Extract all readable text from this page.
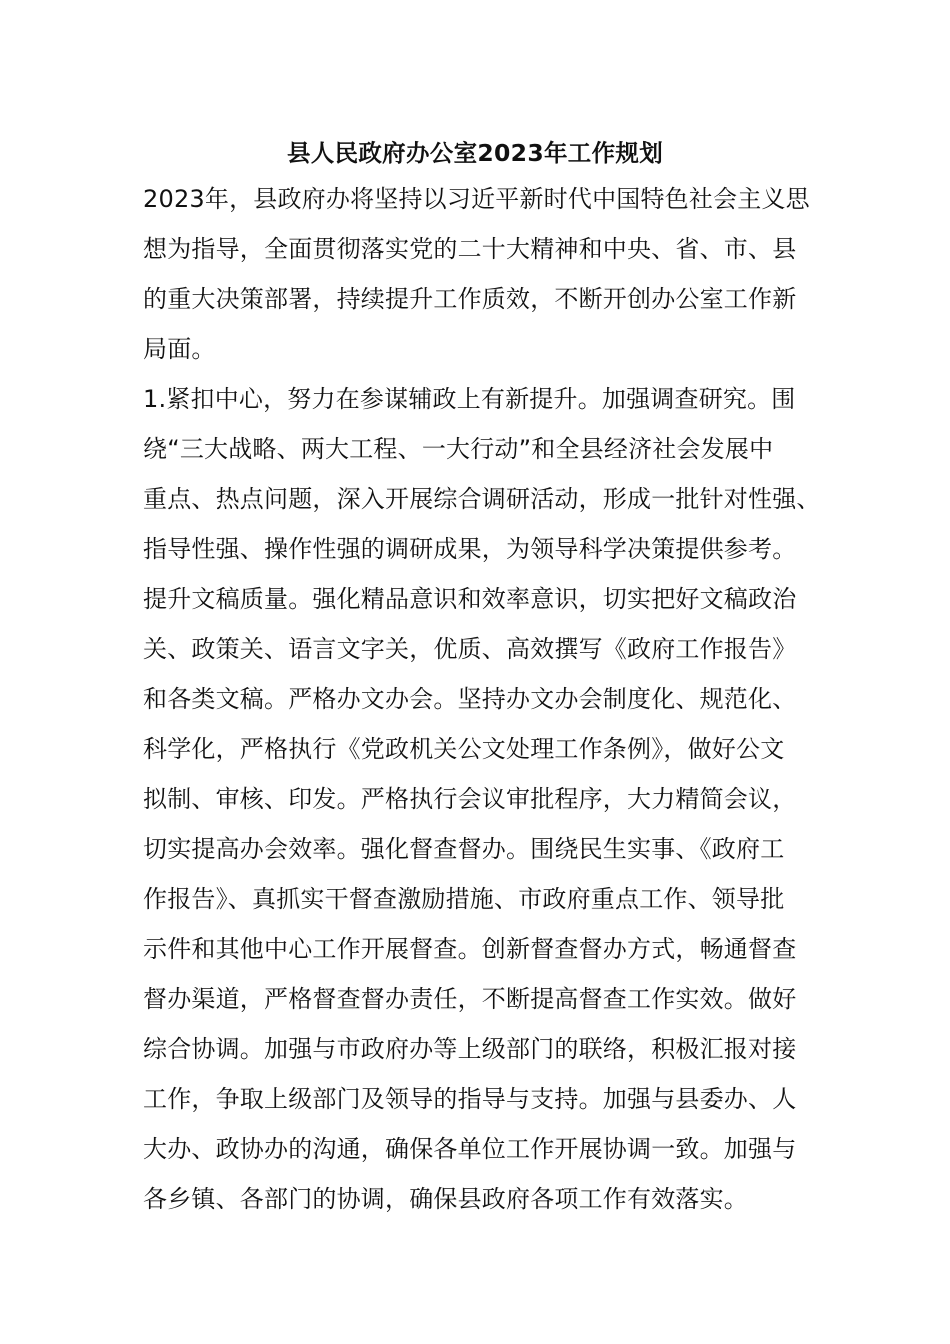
县人民政府办公室2023年工作规划
2023年，县政府办将坚持以习近平新时代中国特色社会主义思
想为指导，全面贯彻落实党的二十大精神和中央、省、市、县
的重大决策部署，持续提升工作质效，不断开创办公室工作新
局面。
1.紧扣中心，努力在参谋辅政上有新提升。加强调查研究。围
绕“三大战略、两大工程、一大行动”和全县经济社会发展中
重点、热点问题，深入开展综合调研活动，形成一批针对性强、
指导性强、操作性强的调研成果，为领导科学决策提供参考。
提升文稿质量。强化精品意识和效率意识，切实把好文稿政治
关、政策关、语言文字关，优质、高效撰写《政府工作报告》
和各类文稿。严格办文办会。坚持办文办会制度化、规范化、
科学化，严格执行《党政机关公文处理工作条例》，做好公文
拟制、审核、印发。严格执行会议审批程序，大力精简会议，
切实提高办会效率。强化督查督办。围绕民生实事、《政府工
作报告》、真抓实干督查激励措施、市政府重点工作、领导批
示件和其他中心工作开展督查。创新督查督办方式，畅通督查
督办渠道，严格督查督办责任，不断提高督查工作实效。做好
综合协调。加强与市政府办等上级部门的联络，积极汇报对接
工作，争取上级部门及领导的指导与支持。加强与县委办、人
大办、政协办的沟通，确保各单位工作开展协调一致。加强与
各乡镇、各部门的协调，确保县政府各项工作有效落实。
